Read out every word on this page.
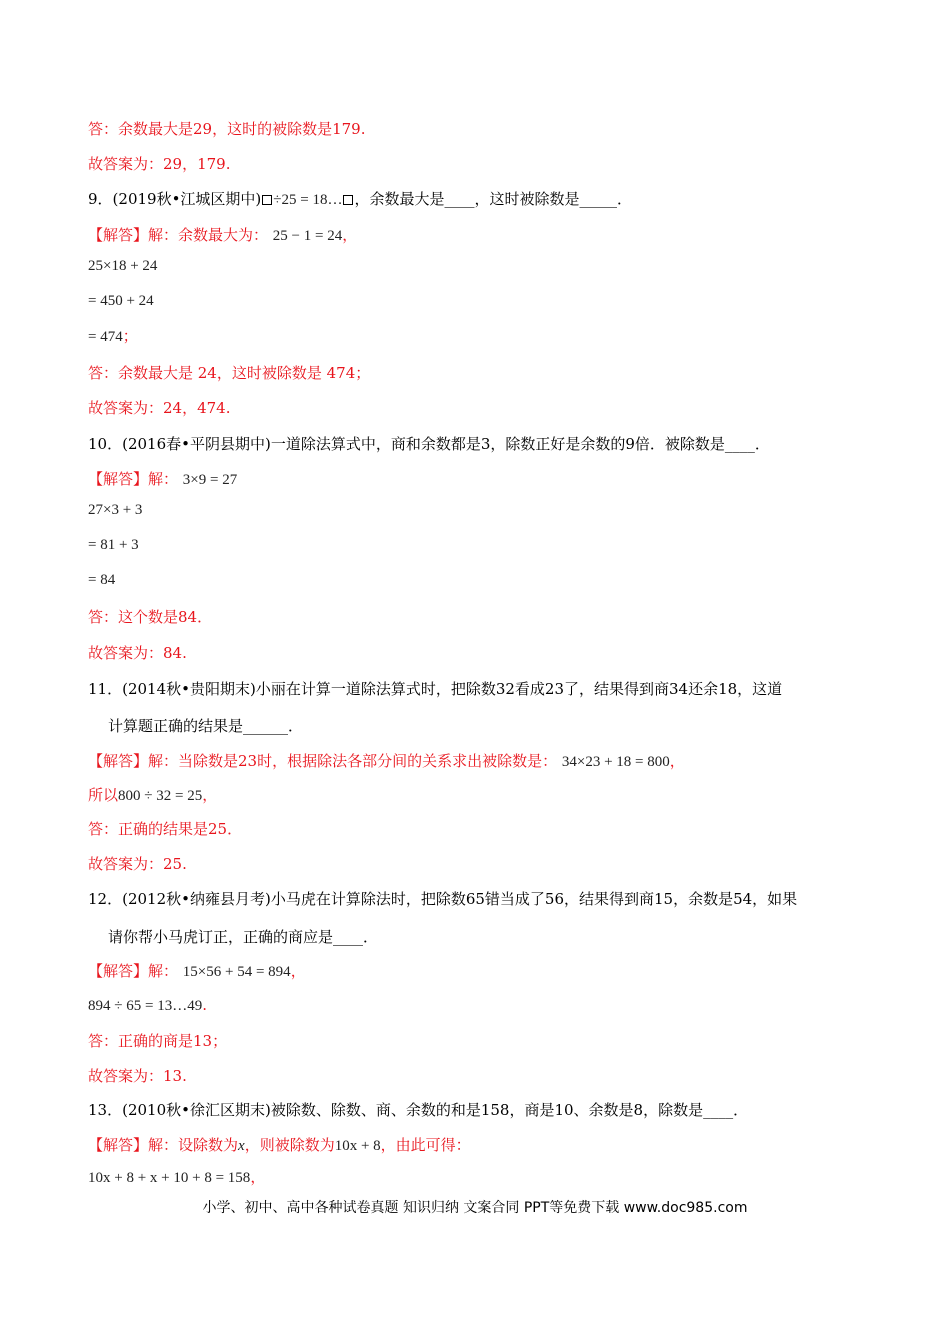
答：余数最大是29，这时的被除数是179.
故答案为：29，179.
9．(2019秋•江城区期中) ÷25 = 18… ，余数最大是____，这时被除数是_____．
【解答】解：余数最大为： 25 − 1 = 24，
25×18 + 24
= 450 + 24
= 474；
答：余数最大是 24，这时被除数是 474；
故答案为：24，474.
10．(2016春•平阴县期中)一道除法算式中，商和余数都是3，除数正好是余数的9倍．被除数是____．
【解答】解： 3×9 = 27
27×3 + 3
= 81 + 3
= 84
答：这个数是84．
故答案为：84.
11．(2014秋•贵阳期末)小丽在计算一道除法算式时，把除数32看成23了，结果得到商34还余18，这道
计算题正确的结果是______．
【解答】解：当除数是23时，根据除法各部分间的关系求出被除数是： 34×23 + 18 = 800，
所以800 ÷ 32 = 25，
答：正确的结果是25．
故答案为：25.
12．(2012秋•纳雍县月考)小马虎在计算除法时，把除数65错当成了56，结果得到商15，余数是54，如果
请你帮小马虎订正，正确的商应是____．
【解答】解： 15×56 + 54 = 894，
894 ÷ 65 = 13…49.
答：正确的商是13；
故答案为：13.
13．(2010秋•徐汇区期末)被除数、除数、商、余数的和是158，商是10、余数是8，除数是____．
【解答】解：设除数为x，则被除数为10x + 8，由此可得：
10x + 8 + x + 10 + 8 = 158，
小学、初中、高中各种试卷真题 知识归纳 文案合同 PPT等免费下载 www.doc985.com
